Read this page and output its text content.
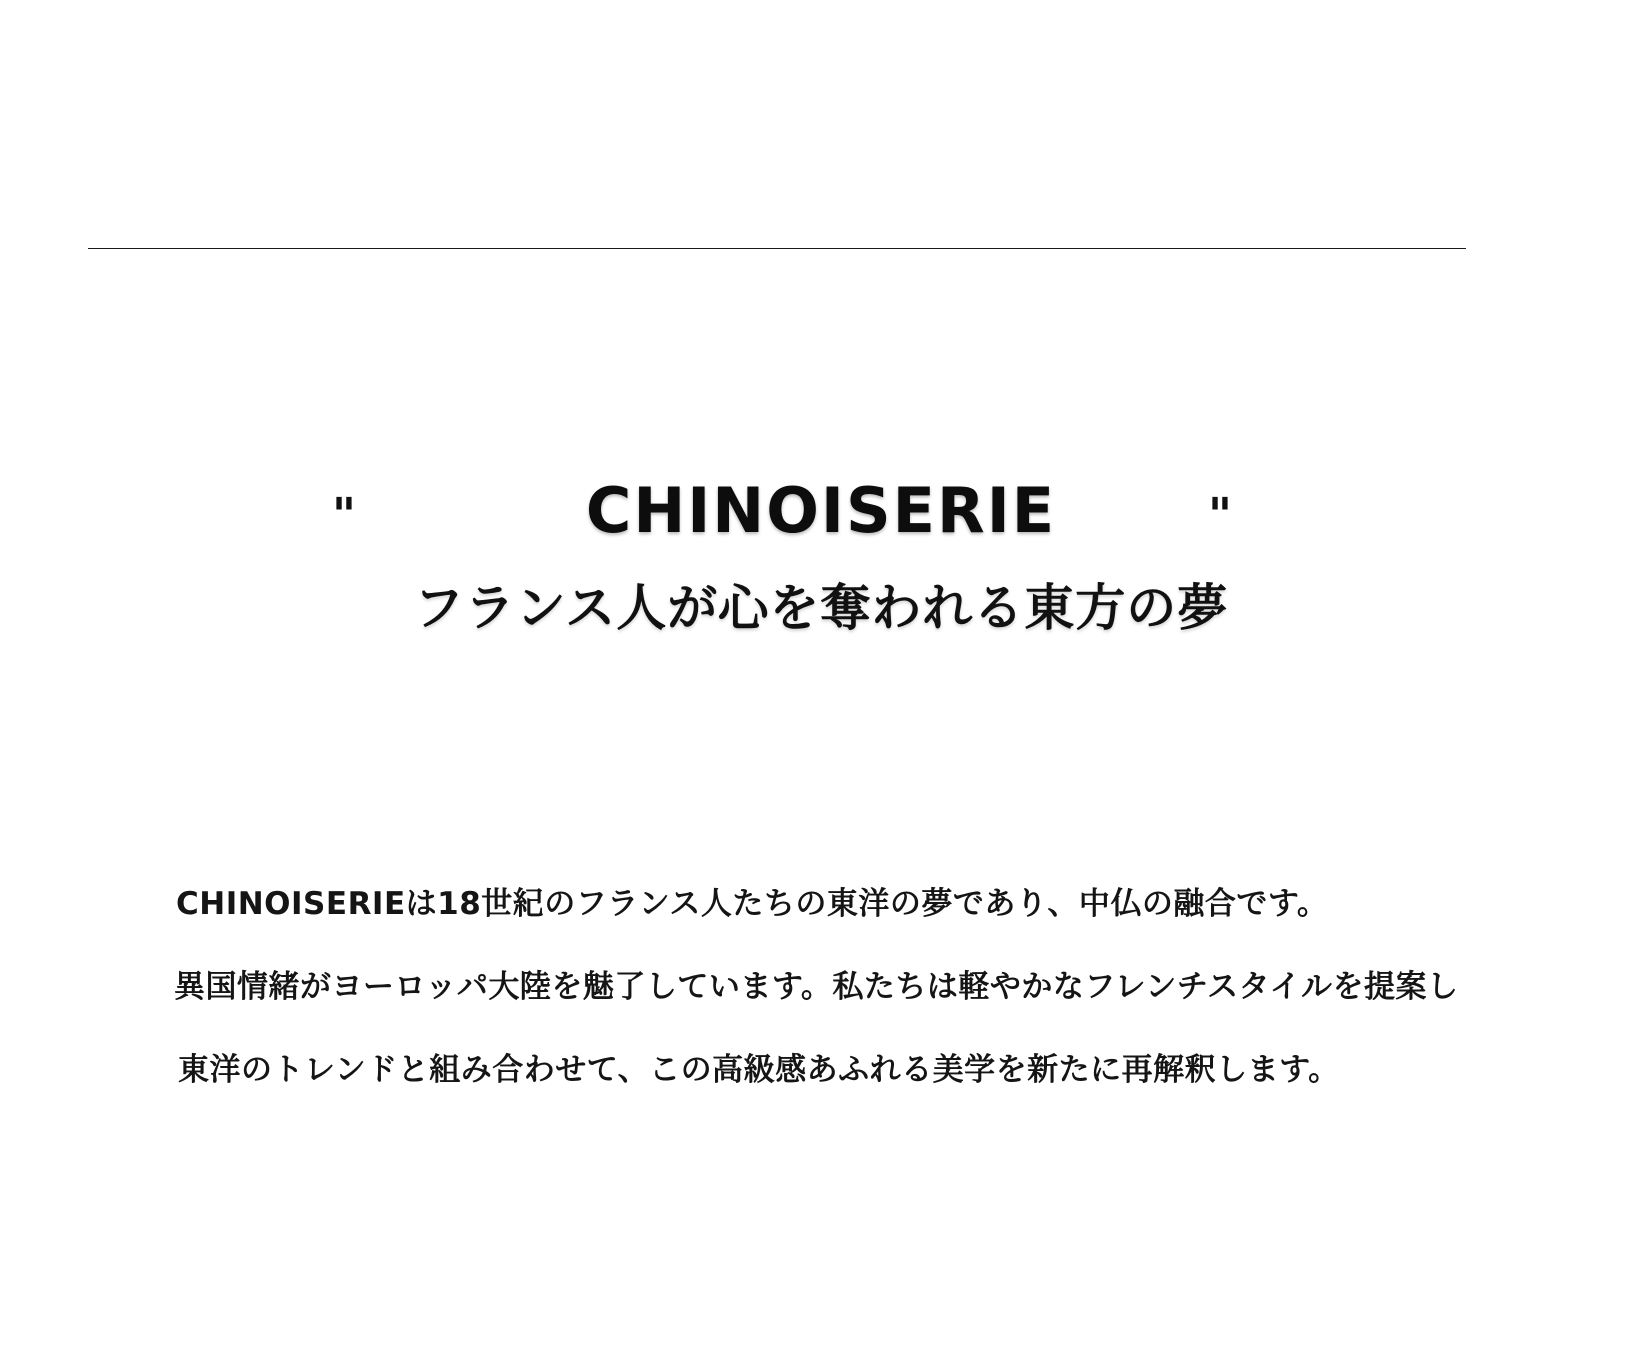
"	CHINOISERIE	"
フランス人が心を奪われる東方の夢

CHINOISERIEは18世紀のフランス人たちの東洋の夢であり、中仏の融合です。

異国情緒がヨーロッパ大陸を魅了しています。私たちは軽やかなフレンチスタイルを提案し

東洋のトレンドと組み合わせて、この高級感あふれる美学を新たに再解釈します。
